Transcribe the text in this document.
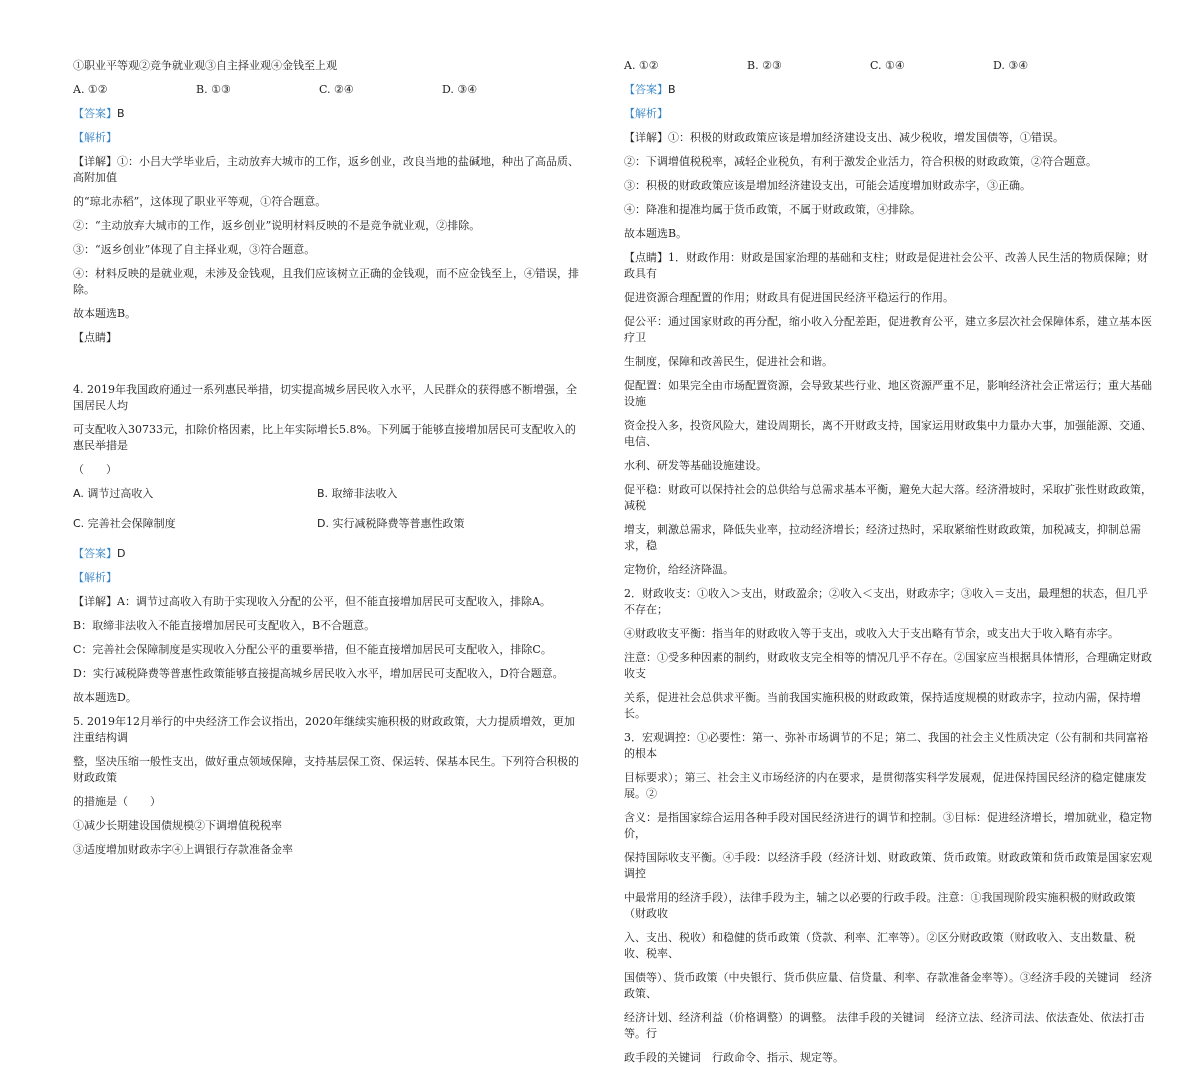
①职业平等观②竞争就业观③自主择业观④金钱至上观

A. ①②	B. ①③	C. ②④	D. ③④

【答案】B

【解析】

【详解】①：小吕大学毕业后，主动放弃大城市的工作，返乡创业，改良当地的盐碱地，种出了高品质、高附加值

的“琼北赤稻”，这体现了职业平等观，①符合题意。

②：“主动放弃大城市的工作，返乡创业”说明材料反映的不是竞争就业观，②排除。

③：“返乡创业”体现了自主择业观，③符合题意。

④：材料反映的是就业观，未涉及金钱观，且我们应该树立正确的金钱观，而不应金钱至上，④错误，排除。

故本题选B。

【点睛】

4. 2019年我国政府通过一系列惠民举措，切实提高城乡居民收入水平，人民群众的获得感不断增强，全国居民人均

可支配收入30733元，扣除价格因素，比上年实际增长5.8%。下列属于能够直接增加居民可支配收入的惠民举措是

（　　）

A. 调节过高收入	B. 取缔非法收入
C. 完善社会保障制度	D. 实行减税降费等普惠性政策

【答案】D

【解析】

【详解】A：调节过高收入有助于实现收入分配的公平，但不能直接增加居民可支配收入，排除A。

B：取缔非法收入不能直接增加居民可支配收入，B不合题意。

C：完善社会保障制度是实现收入分配公平的重要举措，但不能直接增加居民可支配收入，排除C。

D：实行减税降费等普惠性政策能够直接提高城乡居民收入水平，增加居民可支配收入，D符合题意。

故本题选D。

5. 2019年12月举行的中央经济工作会议指出，2020年继续实施积极的财政政策，大力提质增效，更加注重结构调

整，坚决压缩一般性支出，做好重点领域保障，支持基层保工资、保运转、保基本民生。下列符合积极的财政政策

的措施是（　　）

①减少长期建设国债规模②下调增值税税率

③适度增加财政赤字④上调银行存款准备金率

A. ①②	B. ②③	C. ①④	D. ③④

【答案】B

【解析】

【详解】①：积极的财政政策应该是增加经济建设支出、减少税收，增发国债等，①错误。

②：下调增值税税率，减轻企业税负，有利于激发企业活力，符合积极的财政政策，②符合题意。

③：积极的财政政策应该是增加经济建设支出，可能会适度增加财政赤字，③正确。

④：降准和提准均属于货币政策，不属于财政政策，④排除。

故本题选B。

【点睛】1．财政作用：财政是国家治理的基础和支柱；财政是促进社会公平、改善人民生活的物质保障；财政具有

促进资源合理配置的作用；财政具有促进国民经济平稳运行的作用。

促公平：通过国家财政的再分配，缩小收入分配差距，促进教育公平，建立多层次社会保障体系，建立基本医疗卫

生制度，保障和改善民生，促进社会和谐。

促配置：如果完全由市场配置资源，会导致某些行业、地区资源严重不足，影响经济社会正常运行；重大基础设施

资金投入多，投资风险大，建设周期长，离不开财政支持，国家运用财政集中力量办大事，加强能源、交通、电信、

水利、研发等基础设施建设。

促平稳：财政可以保持社会的总供给与总需求基本平衡，避免大起大落。经济滑坡时，采取扩张性财政政策，减税

增支，刺激总需求，降低失业率，拉动经济增长；经济过热时，采取紧缩性财政政策，加税减支，抑制总需求，稳

定物价，给经济降温。

2．财政收支：①收入＞支出，财政盈余；②收入＜支出，财政赤字；③收入＝支出，最理想的状态，但几乎不存在；

④财政收支平衡：指当年的财政收入等于支出，或收入大于支出略有节余，或支出大于收入略有赤字。

注意：①受多种因素的制约，财政收支完全相等的情况几乎不存在。②国家应当根据具体情形，合理确定财政收支

关系，促进社会总供求平衡。当前我国实施积极的财政政策，保持适度规模的财政赤字，拉动内需，保持增长。

3．宏观调控：①必要性：第一、弥补市场调节的不足；第二、我国的社会主义性质决定（公有制和共同富裕的根本

目标要求）；第三、社会主义市场经济的内在要求，是贯彻落实科学发展观，促进保持国民经济的稳定健康发展。②

含义：是指国家综合运用各种手段对国民经济进行的调节和控制。③目标：促进经济增长，增加就业，稳定物价，

保持国际收支平衡。④手段：以经济手段（经济计划、财政政策、货币政策。财政政策和货币政策是国家宏观调控

中最常用的经济手段），法律手段为主，辅之以必要的行政手段。注意：①我国现阶段实施积极的财政政策（财政收

入、支出、税收）和稳健的货币政策（贷款、利率、汇率等）。②区分财政政策（财政收入、支出数量、税收、税率、

国债等）、货币政策（中央银行、货币供应量、信贷量、利率、存款准备金率等）。③经济手段的关键词　经济政策、

经济计划、经济利益（价格调整）的调整。 法律手段的关键词　经济立法、经济司法、依法查处、依法打击等。行

政手段的关键词　行政命令、指示、规定等。
